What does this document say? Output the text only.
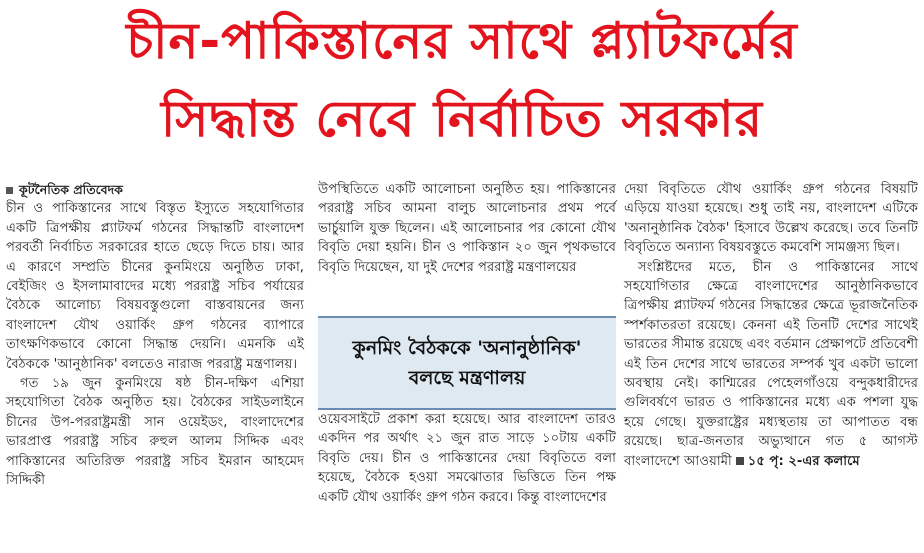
চীন-পাকিস্তানের সাথে প্ল্যাটফর্মের
সিদ্ধান্ত নেবে নির্বাচিত সরকার

কূটনৈতিক প্রতিবেদক

চীন ও পাকিস্তানের সাথে বিস্তৃত ইস্যুতে সহযোগিতার একটি ত্রিপক্ষীয় প্ল্যাটফর্ম গঠনের সিদ্ধান্তটি বাংলাদেশ পরবর্তী নির্বাচিত সরকারের হাতে ছেড়ে দিতে চায়। আর এ কারণে সম্প্রতি চীনের কুনমিংয়ে অনুষ্ঠিত ঢাকা, বেইজিং ও ইসলামাবাদের মধ্যে পররাষ্ট্র সচিব পর্যায়ের বৈঠকে আলোচ্য বিষয়বস্তুগুলো বাস্তবায়নের জন্য বাংলাদেশ যৌথ ওয়ার্কিং গ্রুপ গঠনের ব্যাপারে তাৎক্ষণিকভাবে কোনো সিদ্ধান্ত দেয়নি। এমনকি এই বৈঠককে 'আনুষ্ঠানিক' বলতেও নারাজ পররাষ্ট্র মন্ত্রণালয়।

গত ১৯ জুন কুনমিংয়ে ষষ্ঠ চীন-দক্ষিণ এশিয়া সহযোগিতা বৈঠক অনুষ্ঠিত হয়। বৈঠকের সাইডলাইনে চীনের উপ-পররাষ্ট্রমন্ত্রী সান ওয়েইডং, বাংলাদেশের ভারপ্রাপ্ত পররাষ্ট্র সচিব রুহুল আলম সিদ্দিক এবং পাকিস্তানের অতিরিক্ত পররাষ্ট্র সচিব ইমরান আহমেদ সিদ্দিকী

উপস্থিতিতে একটি আলোচনা অনুষ্ঠিত হয়। পাকিস্তানের পররাষ্ট্র সচিব আমনা বালুচ আলোচনার প্রথম পর্বে ভার্চুয়ালি যুক্ত ছিলেন। এই আলোচনার পর কোনো যৌথ বিবৃতি দেয়া হয়নি। চীন ও পাকিস্তান ২০ জুন পৃথকভাবে বিবৃতি দিয়েছেন, যা দুই দেশের পররাষ্ট্র মন্ত্রণালয়ের

কুনমিং বৈঠককে 'অনানুষ্ঠানিক'
বলছে মন্ত্রণালয়

ওয়েবসাইটে প্রকাশ করা হয়েছে। আর বাংলাদেশ তারও একদিন পর অর্থাৎ ২১ জুন রাত সাড়ে ১০টায় একটি বিবৃতি দেয়। চীন ও পাকিস্তানের দেয়া বিবৃতিতে বলা হয়েছে, বৈঠকে হওয়া সমঝোতার ভিত্তিতে তিন পক্ষ একটি যৌথ ওয়ার্কিং গ্রুপ গঠন করবে। কিন্তু বাংলাদেশের

দেয়া বিবৃতিতে যৌথ ওয়ার্কিং গ্রুপ গঠনের বিষয়টি এড়িয়ে যাওয়া হয়েছে। শুধু তাই নয়, বাংলাদেশ এটিকে 'অনানুষ্ঠানিক বৈঠক' হিসাবে উল্লেখ করেছে। তবে তিনটি বিবৃতিতে অন্যান্য বিষয়বস্তুতে কমবেশি সামঞ্জস্য ছিল।

সংশ্লিষ্টদের মতে, চীন ও পাকিস্তানের সাথে সহযোগিতার ক্ষেত্রে বাংলাদেশের আনুষ্ঠানিকভাবে ত্রিপক্ষীয় প্ল্যাটফর্ম গঠনের সিদ্ধান্তের ক্ষেত্রে ভূরাজনৈতিক স্পর্শকাতরতা রয়েছে। কেননা এই তিনটি দেশের সাথেই ভারতের সীমান্ত রয়েছে এবং বর্তমান প্রেক্ষাপটে প্রতিবেশী এই তিন দেশের সাথে ভারতের সম্পর্ক খুব একটা ভালো অবস্থায় নেই। কাশ্মিরের পেহেলগাঁওয়ে বন্দুকধারীদের গুলিবর্ষণে ভারত ও পাকিস্তানের মধ্যে এক পশলা যুদ্ধ হয়ে গেছে। যুক্তরাষ্ট্রের মধ্যস্থতায় তা আপাতত বন্ধ রয়েছে। ছাত্র-জনতার অভ্যুত্থানে গত ৫ আগস্ট বাংলাদেশে আওয়ামী ১৫ পৃ: ২-এর কলামে
